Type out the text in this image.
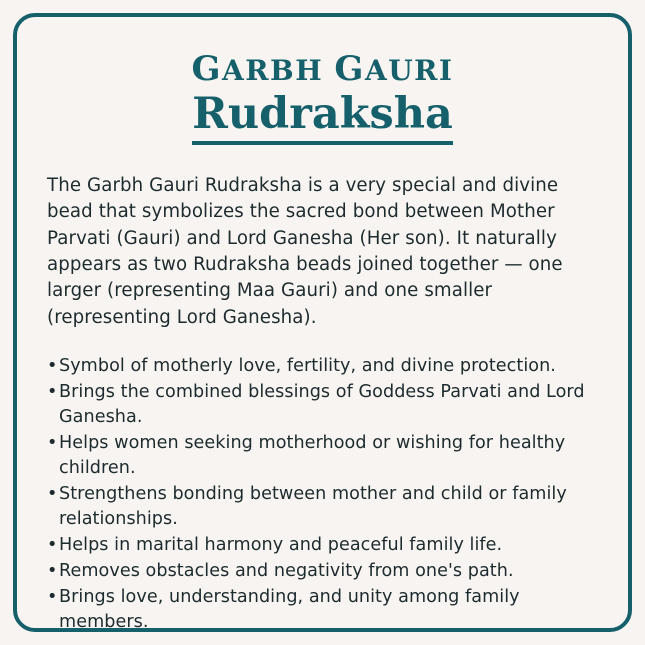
GARBH GAURI
Rudraksha

The Garbh Gauri Rudraksha is a very special and divine bead that symbolizes the sacred bond between Mother Parvati (Gauri) and Lord Ganesha (Her son). It naturally appears as two Rudraksha beads joined together — one larger (representing Maa Gauri) and one smaller (representing Lord Ganesha).

• Symbol of motherly love, fertility, and divine protection.
• Brings the combined blessings of Goddess Parvati and Lord Ganesha.
• Helps women seeking motherhood or wishing for healthy children.
• Strengthens bonding between mother and child or family relationships.
• Helps in marital harmony and peaceful family life.
• Removes obstacles and negativity from one's path.
• Brings love, understanding, and unity among family members.
